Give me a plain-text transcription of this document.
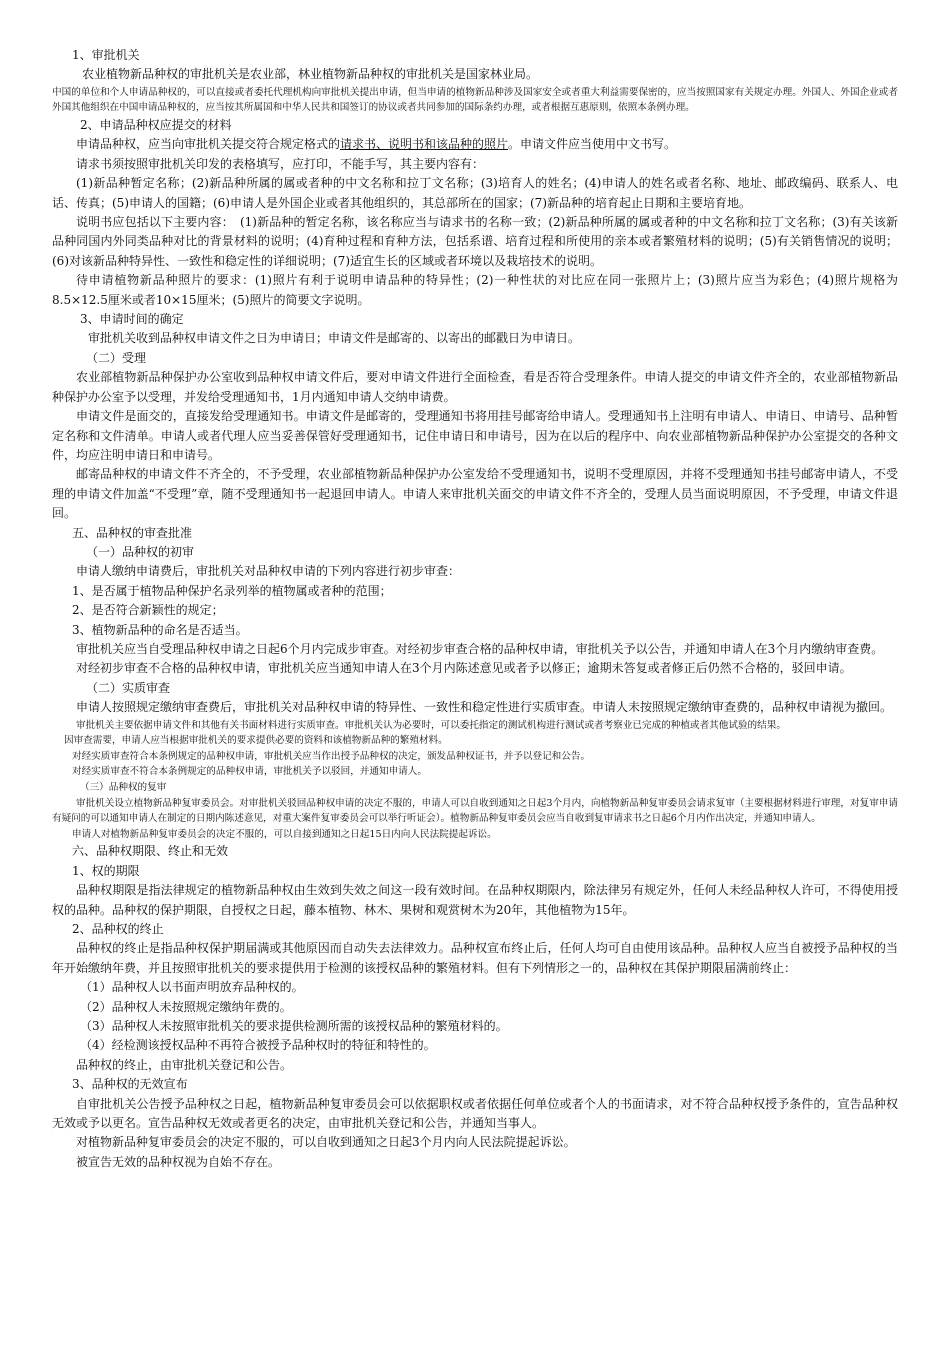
1、审批机关

农业植物新品种权的审批机关是农业部，林业植物新品种权的审批机关是国家林业局。

中国的单位和个人申请品种权的，可以直接或者委托代理机构向审批机关提出申请，但当申请的植物新品种涉及国家安全或者重大利益需要保密的，应当按照国家有关规定办理。外国人、外国企业或者外国其他组织在中国申请品种权的，应当按其所属国和中华人民共和国签订的协议或者共同参加的国际条约办理，或者根据互惠原则，依照本条例办理。

2、申请品种权应提交的材料

申请品种权，应当向审批机关提交符合规定格式的请求书、说明书和该品种的照片。申请文件应当使用中文书写。

请求书须按照审批机关印发的表格填写，应打印，不能手写，其主要内容有：

(1)新品种暂定名称；(2)新品种所属的属或者种的中文名称和拉丁文名称；(3)培育人的姓名；(4)申请人的姓名或者名称、地址、邮政编码、联系人、电话、传真；(5)申请人的国籍；(6)申请人是外国企业或者其他组织的，其总部所在的国家；(7)新品种的培育起止日期和主要培育地。

说明书应包括以下主要内容：　(1)新品种的暂定名称，该名称应当与请求书的名称一致；(2)新品种所属的属或者种的中文名称和拉丁文名称；(3)有关该新品种同国内外同类品种对比的背景材料的说明；(4)育种过程和育种方法，包括系谱、培育过程和所使用的亲本或者繁殖材料的说明；(5)有关销售情况的说明；(6)对该新品种特异性、一致性和稳定性的详细说明；(7)适宜生长的区域或者环境以及栽培技术的说明。

待申请植物新品种照片的要求：(1)照片有利于说明申请品种的特异性；(2)一种性状的对比应在同一张照片上；(3)照片应当为彩色；(4)照片规格为8.5×12.5厘米或者10×15厘米；(5)照片的简要文字说明。

3、申请时间的确定

审批机关收到品种权申请文件之日为申请日；申请文件是邮寄的、以寄出的邮戳日为申请日。

（二）受理

农业部植物新品种保护办公室收到品种权申请文件后，要对申请文件进行全面检查，看是否符合受理条件。申请人提交的申请文件齐全的，农业部植物新品种保护办公室予以受理，并发给受理通知书，1月内通知申请人交纳申请费。

申请文件是面交的，直接发给受理通知书。申请文件是邮寄的，受理通知书将用挂号邮寄给申请人。受理通知书上注明有申请人、申请日、申请号、品种暂定名称和文件清单。申请人或者代理人应当妥善保管好受理通知书，记住申请日和申请号，因为在以后的程序中、向农业部植物新品种保护办公室提交的各种文件，均应注明申请日和申请号。

邮寄品种权的申请文件不齐全的，不予受理，农业部植物新品种保护办公室发给不受理通知书，说明不受理原因，并将不受理通知书挂号邮寄申请人，不受理的申请文件加盖“不受理”章，随不受理通知书一起退回申请人。申请人来审批机关面交的申请文件不齐全的，受理人员当面说明原因，不予受理，申请文件退回。

五、品种权的审查批准

（一）品种权的初审

申请人缴纳申请费后，审批机关对品种权申请的下列内容进行初步审查：

1、是否属于植物品种保护名录列举的植物属或者种的范围；

2、是否符合新颖性的规定；

3、植物新品种的命名是否适当。

审批机关应当自受理品种权申请之日起6个月内完成步审查。对经初步审查合格的品种权申请，审批机关予以公告，并通知申请人在3个月内缴纳审查费。

对经初步审查不合格的品种权申请，审批机关应当通知申请人在3个月内陈述意见或者予以修正；逾期未答复或者修正后仍然不合格的，驳回申请。

（二）实质审查

申请人按照规定缴纳审查费后，审批机关对品种权申请的特异性、一致性和稳定性进行实质审查。申请人未按照规定缴纳审查费的，品种权申请视为撤回。

审批机关主要依据申请文件和其他有关书面材料进行实质审查。审批机关认为必要时，可以委托指定的测试机构进行测试或者考察业已完成的种植或者其他试验的结果。

因审查需要，申请人应当根据审批机关的要求提供必要的资料和该植物新品种的繁殖材料。

对经实质审查符合本条例规定的品种权申请，审批机关应当作出授予品种权的决定，颁发品种权证书，并予以登记和公告。

对经实质审查不符合本条例规定的品种权申请，审批机关予以驳回，并通知申请人。

（三）品种权的复审

审批机关设立植物新品种复审委员会。对审批机关驳回品种权申请的决定不服的，申请人可以自收到通知之日起3个月内，向植物新品种复审委员会请求复审（主要根据材料进行审理，对复审申请有疑问的可以通知申请人在制定的日期内陈述意见，对重大案件复审委员会可以举行听证会）。植物新品种复审委员会应当自收到复审请求书之日起6个月内作出决定，并通知申请人。

申请人对植物新品种复审委员会的决定不服的，可以自接到通知之日起15日内向人民法院提起诉讼。

六、品种权期限、终止和无效

1、权的期限

品种权期限是指法律规定的植物新品种权由生效到失效之间这一段有效时间。在品种权期限内，除法律另有规定外，任何人未经品种权人许可，不得使用授权的品种。品种权的保护期限，自授权之日起，藤本植物、林木、果树和观赏树木为20年，其他植物为15年。

2、品种权的终止

品种权的终止是指品种权保护期届满或其他原因而自动失去法律效力。品种权宣布终止后，任何人均可自由使用该品种。品种权人应当自被授予品种权的当年开始缴纳年费，并且按照审批机关的要求提供用于检测的该授权品种的繁殖材料。但有下列情形之一的，品种权在其保护期限届满前终止：

（1）品种权人以书面声明放弃品种权的。

（2）品种权人未按照规定缴纳年费的。

（3）品种权人未按照审批机关的要求提供检测所需的该授权品种的繁殖材料的。

（4）经检测该授权品种不再符合被授予品种权时的特征和特性的。

品种权的终止，由审批机关登记和公告。

3、品种权的无效宣布

自审批机关公告授予品种权之日起，植物新品种复审委员会可以依据职权或者依据任何单位或者个人的书面请求，对不符合品种权授予条件的，宣告品种权无效或予以更名。宣告品种权无效或者更名的决定，由审批机关登记和公告，并通知当事人。

对植物新品种复审委员会的决定不服的，可以自收到通知之日起3个月内向人民法院提起诉讼。

被宣告无效的品种权视为自始不存在。
